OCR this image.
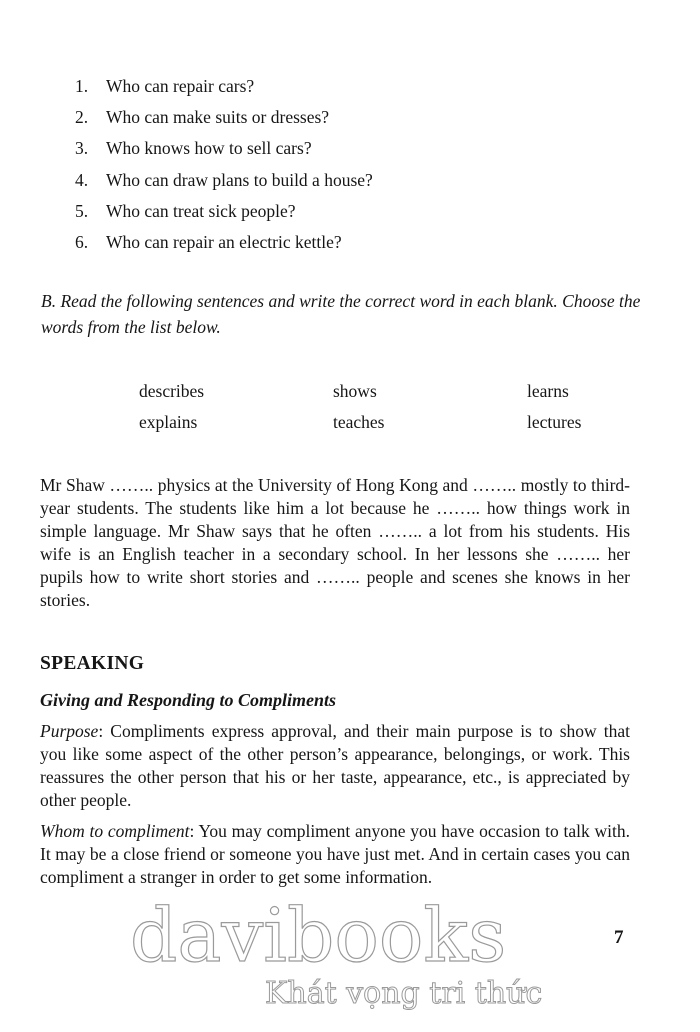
1. Who can repair cars?
2. Who can make suits or dresses?
3. Who knows how to sell cars?
4. Who can draw plans to build a house?
5. Who can treat sick people?
6. Who can repair an electric kettle?
B. Read the following sentences and write the correct word in each blank. Choose the words from the list below.
describes	shows	learns
explains	teaches	lectures

Mr Shaw …….. physics at the University of Hong Kong and …….. mostly to third-year students. The students like him a lot because he …….. how things work in simple language. Mr Shaw says that he often …….. a lot from his students. His wife is an English teacher in a secondary school. In her lessons she …….. her pupils how to write short stories and …….. people and scenes she knows in her stories.

SPEAKING
Giving and Responding to Compliments

Purpose: Compliments express approval, and their main purpose is to show that you like some aspect of the other person’s appearance, belongings, or work. This reassures the other person that his or her taste, appearance, etc., is appreciated by other people.

Whom to compliment: You may compliment anyone you have occasion to talk with. It may be a close friend or someone you have just met. And in certain cases you can compliment a stranger in order to get some information.

davibooks
Khát vọng tri thức
7
